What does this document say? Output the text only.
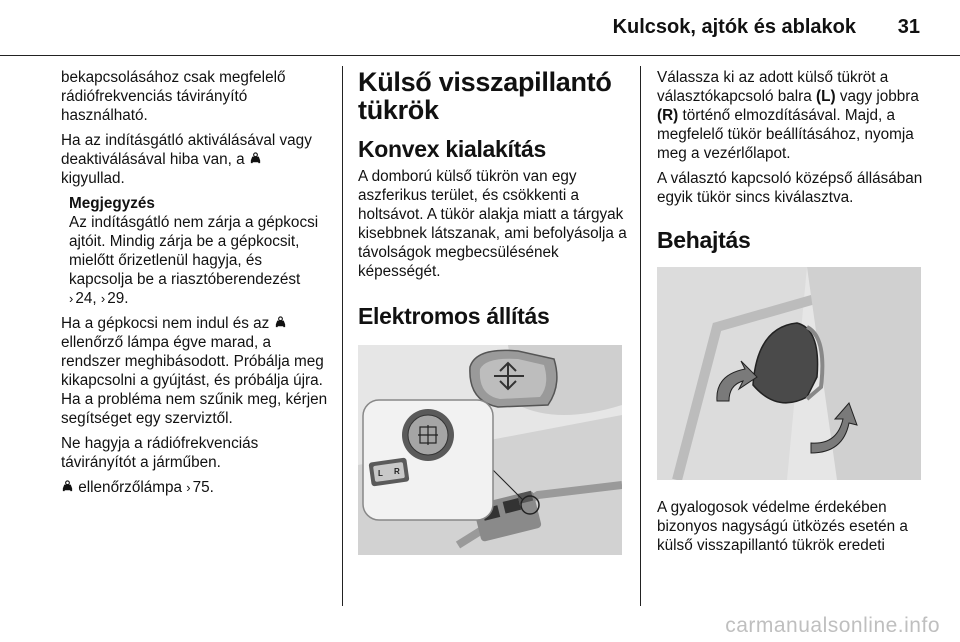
Kulcsok, ajtók és ablakok 31

bekapcsolásához csak megfelelő rádiófrekvenciás távirányító használható.

Ha az indításgátló aktiválásával vagy deaktiválásával hiba van, a
kigyullad.

Megjegyzés
Az indításgátló nem zárja a gépkocsi ajtóit. Mindig zárja be a gépkocsit, mielőtt őrizetlenül hagyja, és kapcsolja be a riasztóberendezést
› 24, › 29.

Ha a gépkocsi nem indul és az  ellenőrző lámpa égve marad, a rendszer meghibásodott. Próbálja meg kikapcsolni a gyújtást, és próbálja újra. Ha a probléma nem szűnik meg, kérjen segítséget egy szerviztől.

Ne hagyja a rádiófrekvenciás távirányítót a járműben.

ellenőrzőlámpa › 75.

Külső visszapillantó tükrök
Konvex kialakítás

A domború külső tükrön van egy aszferikus terület, és csökkenti a holtsávot. A tükör alakja miatt a tárgyak kisebbnek látszanak, ami befolyásolja a távolságok megbecsülésének képességét.

Elektromos állítás
L R

Válassza ki az adott külső tükröt a választókapcsoló balra (L) vagy jobbra (R) történő elmozdításával. Majd, a megfelelő tükör beállításához, nyomja meg a vezérlőlapot.

A választó kapcsoló középső állásában egyik tükör sincs kiválasztva.

Behajtás

A gyalogosok védelme érdekében bizonyos nagyságú ütközés esetén a külső visszapillantó tükrök eredeti

carmanualsonline.info
